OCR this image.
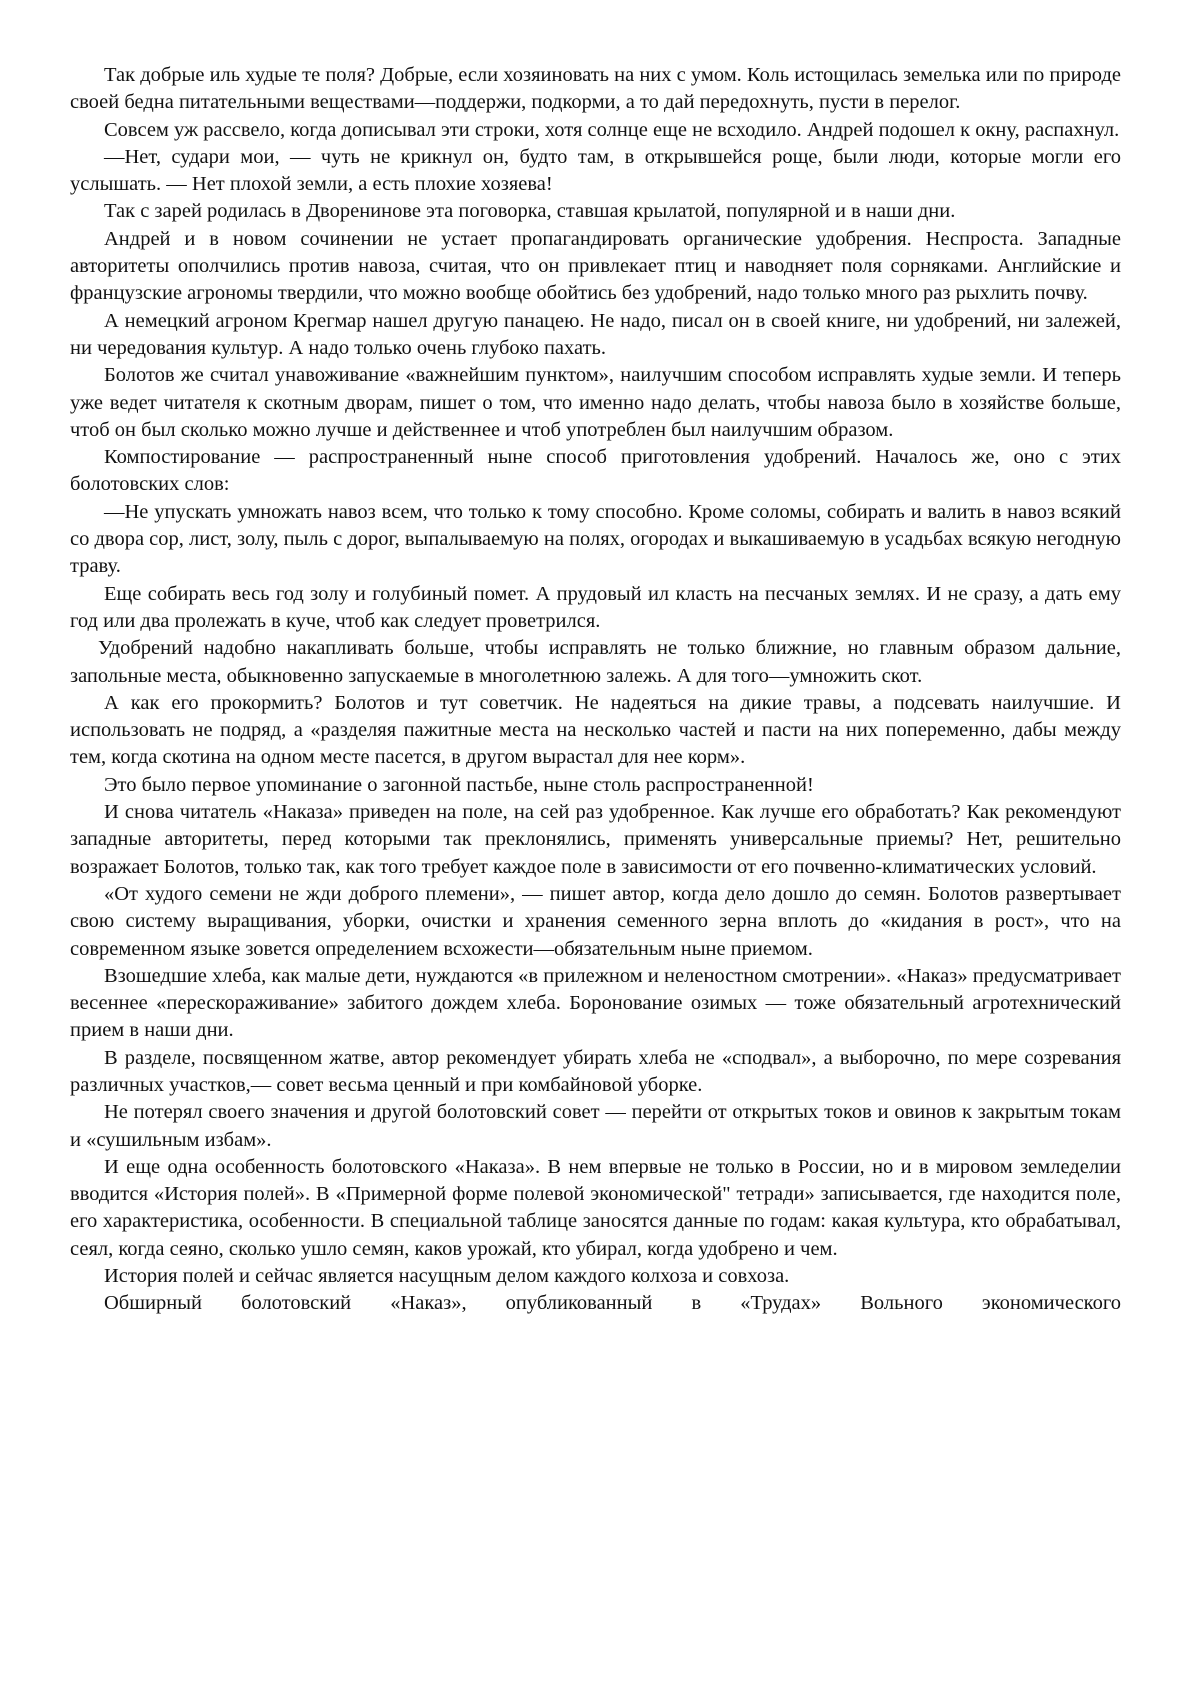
Так добрые иль худые те поля? Добрые, если хозяиновать на них с умом. Коль истощилась земелька или по природе своей бедна питательными веществами—поддержи, подкорми, а то дай передохнуть, пусти в перелог.

Совсем уж рассвело, когда дописывал эти строки, хотя солнце еще не всходило. Андрей подошел к окну, распахнул.

—Нет, судари мои, — чуть не крикнул он, будто там, в открывшейся роще, были люди, которые могли его услышать. — Нет плохой земли, а есть плохие хозяева!

Так с зарей родилась в Дворенинове эта поговорка, ставшая крылатой, популярной и в наши дни.

Андрей и в новом сочинении не устает пропагандировать органические удобрения. Неспроста. Западные авторитеты ополчились против навоза, считая, что он привлекает птиц и наводняет поля сорняками. Английские и французские агрономы твердили, что можно вообще обойтись без удобрений, надо только много раз рыхлить почву.

А немецкий агроном Крегмар нашел другую панацею. Не надо, писал он в своей книге, ни удобрений, ни залежей, ни чередования культур. А надо только очень глубоко пахать.

Болотов же считал унавоживание «важнейшим пунктом», наилучшим способом исправлять худые земли. И теперь уже ведет читателя к скотным дворам, пишет о том, что именно надо делать, чтобы навоза было в хозяйстве больше, чтоб он был сколько можно лучше и действеннее и чтоб употреблен был наилучшим образом.

Компостирование — распространенный ныне способ приготовления удобрений. Началось же, оно с этих болотовских слов:

—Не упускать умножать навоз всем, что только к тому способно. Кроме соломы, собирать и валить в навоз всякий со двора сор, лист, золу, пыль с дорог, выпалываемую на полях, огородах и выкашиваемую в усадьбах всякую негодную траву.

Еще собирать весь год золу и голубиный помет. А прудовый ил класть на песчаных землях. И не сразу, а дать ему год или два пролежать в куче, чтоб как следует проветрился.

Удобрений надобно накапливать больше, чтобы исправлять не только ближние, но главным образом дальние, запольные места, обыкновенно запускаемые в многолетнюю залежь. А для того—умножить скот.

А как его прокормить? Болотов и тут советчик. Не надеяться на дикие травы, а подсевать наилучшие. И использовать не подряд, а «разделяя пажитные места на несколько частей и пасти на них попеременно, дабы между тем, когда скотина на одном месте пасется, в другом вырастал для нее корм».

Это было первое упоминание о загонной пастьбе, ныне столь распространенной!

И снова читатель «Наказа» приведен на поле, на сей раз удобренное. Как лучше его обработать? Как рекомендуют западные авторитеты, перед которыми так преклонялись, применять универсальные приемы? Нет, решительно возражает Болотов, только так, как того требует каждое поле в зависимости от его почвенно-климатических условий.

«От худого семени не жди доброго племени», — пишет автор, когда дело дошло до семян. Болотов развертывает свою систему выращивания, уборки, очистки и хранения семенного зерна вплоть до «кидания в рост», что на современном языке зовется определением всхожести—обязательным ныне приемом.

Взошедшие хлеба, как малые дети, нуждаются «в прилежном и неленостном смотрении». «Наказ» предусматривает весеннее «перескораживание» забитого дождем хлеба. Боронование озимых — тоже обязательный агротехнический прием в наши дни.

В разделе, посвященном жатве, автор рекомендует убирать хлеба не «сподвал», а выборочно, по мере созревания различных участков,— совет весьма ценный и при комбайновой уборке.

Не потерял своего значения и другой болотовский совет — перейти от открытых токов и овинов к закрытым токам и «сушильным избам».

И еще одна особенность болотовского «Наказа». В нем впервые не только в России, но и в мировом земледелии вводится «История полей». В «Примерной форме полевой экономической" тетради» записывается, где находится поле, его характеристика, особенности. В специальной таблице заносятся данные по годам: какая культура, кто обрабатывал, сеял, когда сеяно, сколько ушло семян, каков урожай, кто убирал, когда удобрено и чем.

История полей и сейчас является насущным делом каждого колхоза и совхоза.

Обширный болотовский «Наказ», опубликованный в «Трудах» Вольного экономического
